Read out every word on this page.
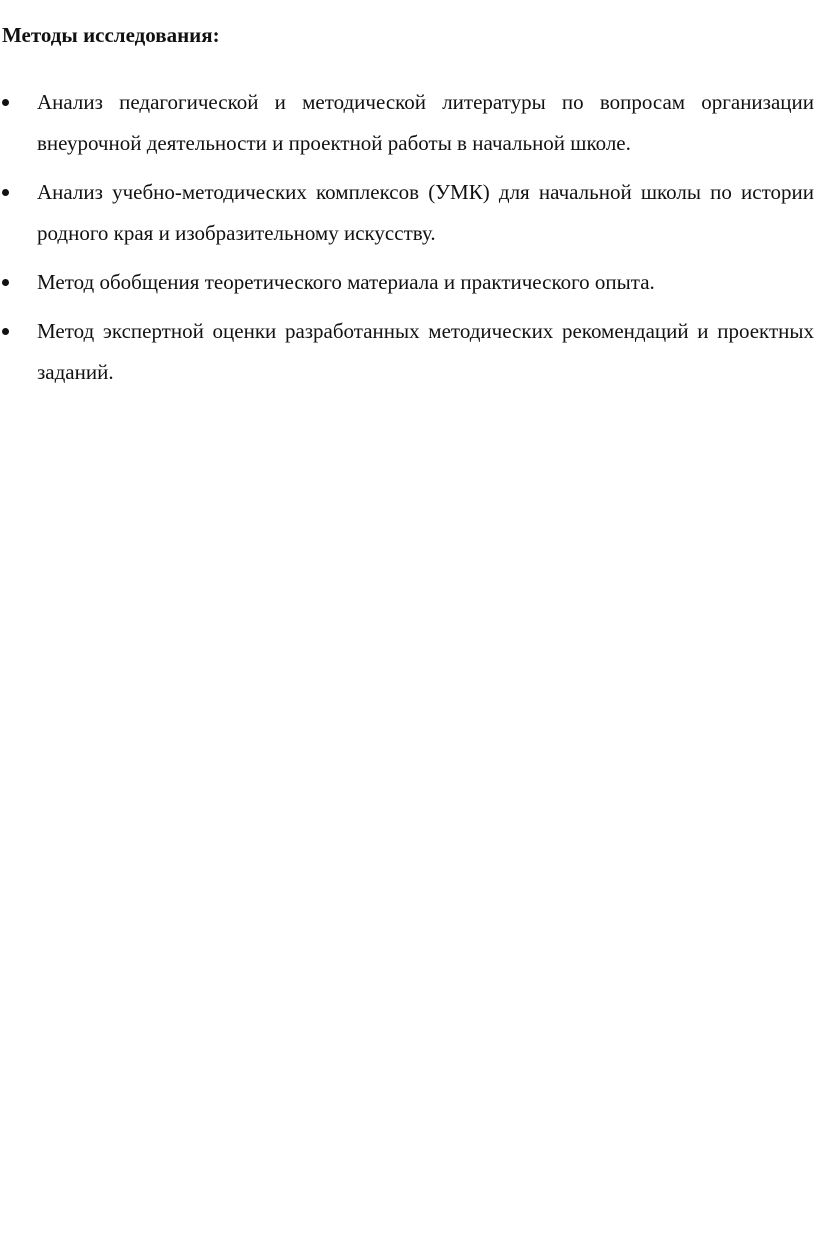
Методы исследования:
Анализ педагогической и методической литературы по вопросам организации внеурочной деятельности и проектной работы в начальной школе.
Анализ учебно-методических комплексов (УМК) для начальной школы по истории родного края и изобразительному искусству.
Метод обобщения теоретического материала и практического опыта.
Метод экспертной оценки разработанных методических рекомендаций и проектных заданий.
